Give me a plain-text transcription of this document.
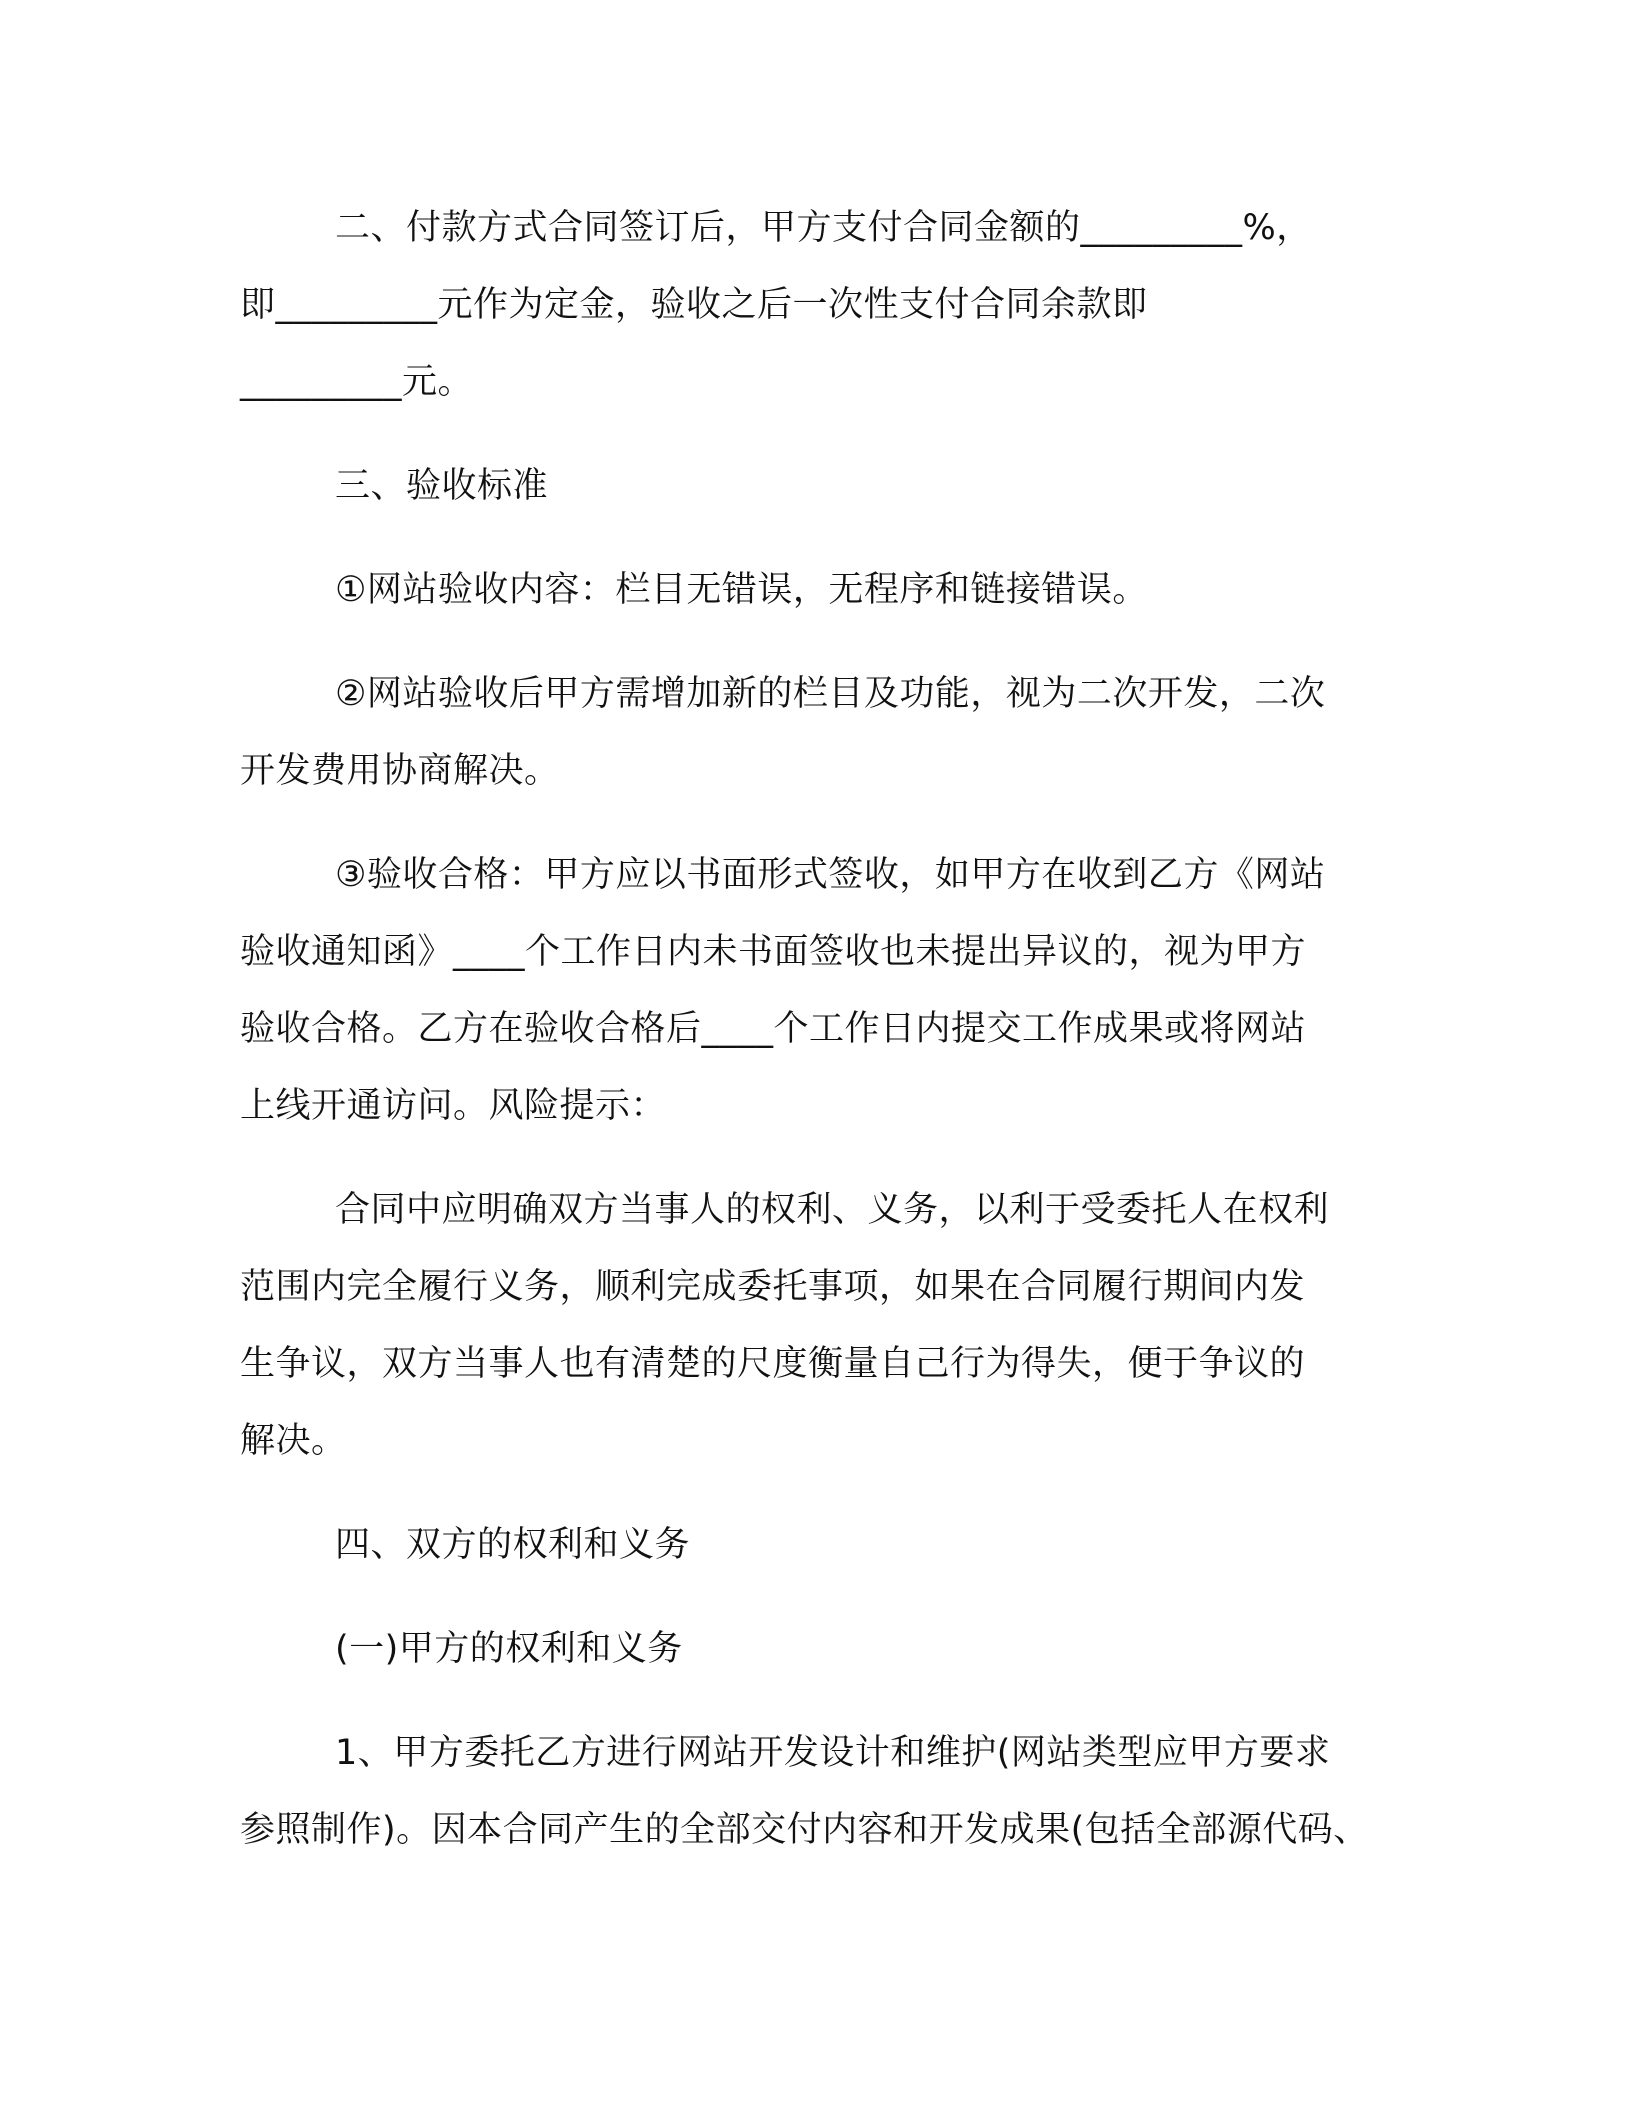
二、付款方式合同签订后，甲方支付合同金额的_________%，
即_________元作为定金，验收之后一次性支付合同余款即
_________元。
三、验收标准
①网站验收内容：栏目无错误，无程序和链接错误。
②网站验收后甲方需增加新的栏目及功能，视为二次开发，二次
开发费用协商解决。
③验收合格：甲方应以书面形式签收，如甲方在收到乙方《网站
验收通知函》____个工作日内未书面签收也未提出异议的，视为甲方
验收合格。乙方在验收合格后____个工作日内提交工作成果或将网站
上线开通访问。风险提示：
合同中应明确双方当事人的权利、义务，以利于受委托人在权利
范围内完全履行义务，顺利完成委托事项，如果在合同履行期间内发
生争议，双方当事人也有清楚的尺度衡量自己行为得失，便于争议的
解决。
四、双方的权利和义务
(一)甲方的权利和义务
1、甲方委托乙方进行网站开发设计和维护(网站类型应甲方要求
参照制作)。因本合同产生的全部交付内容和开发成果(包括全部源代码、
